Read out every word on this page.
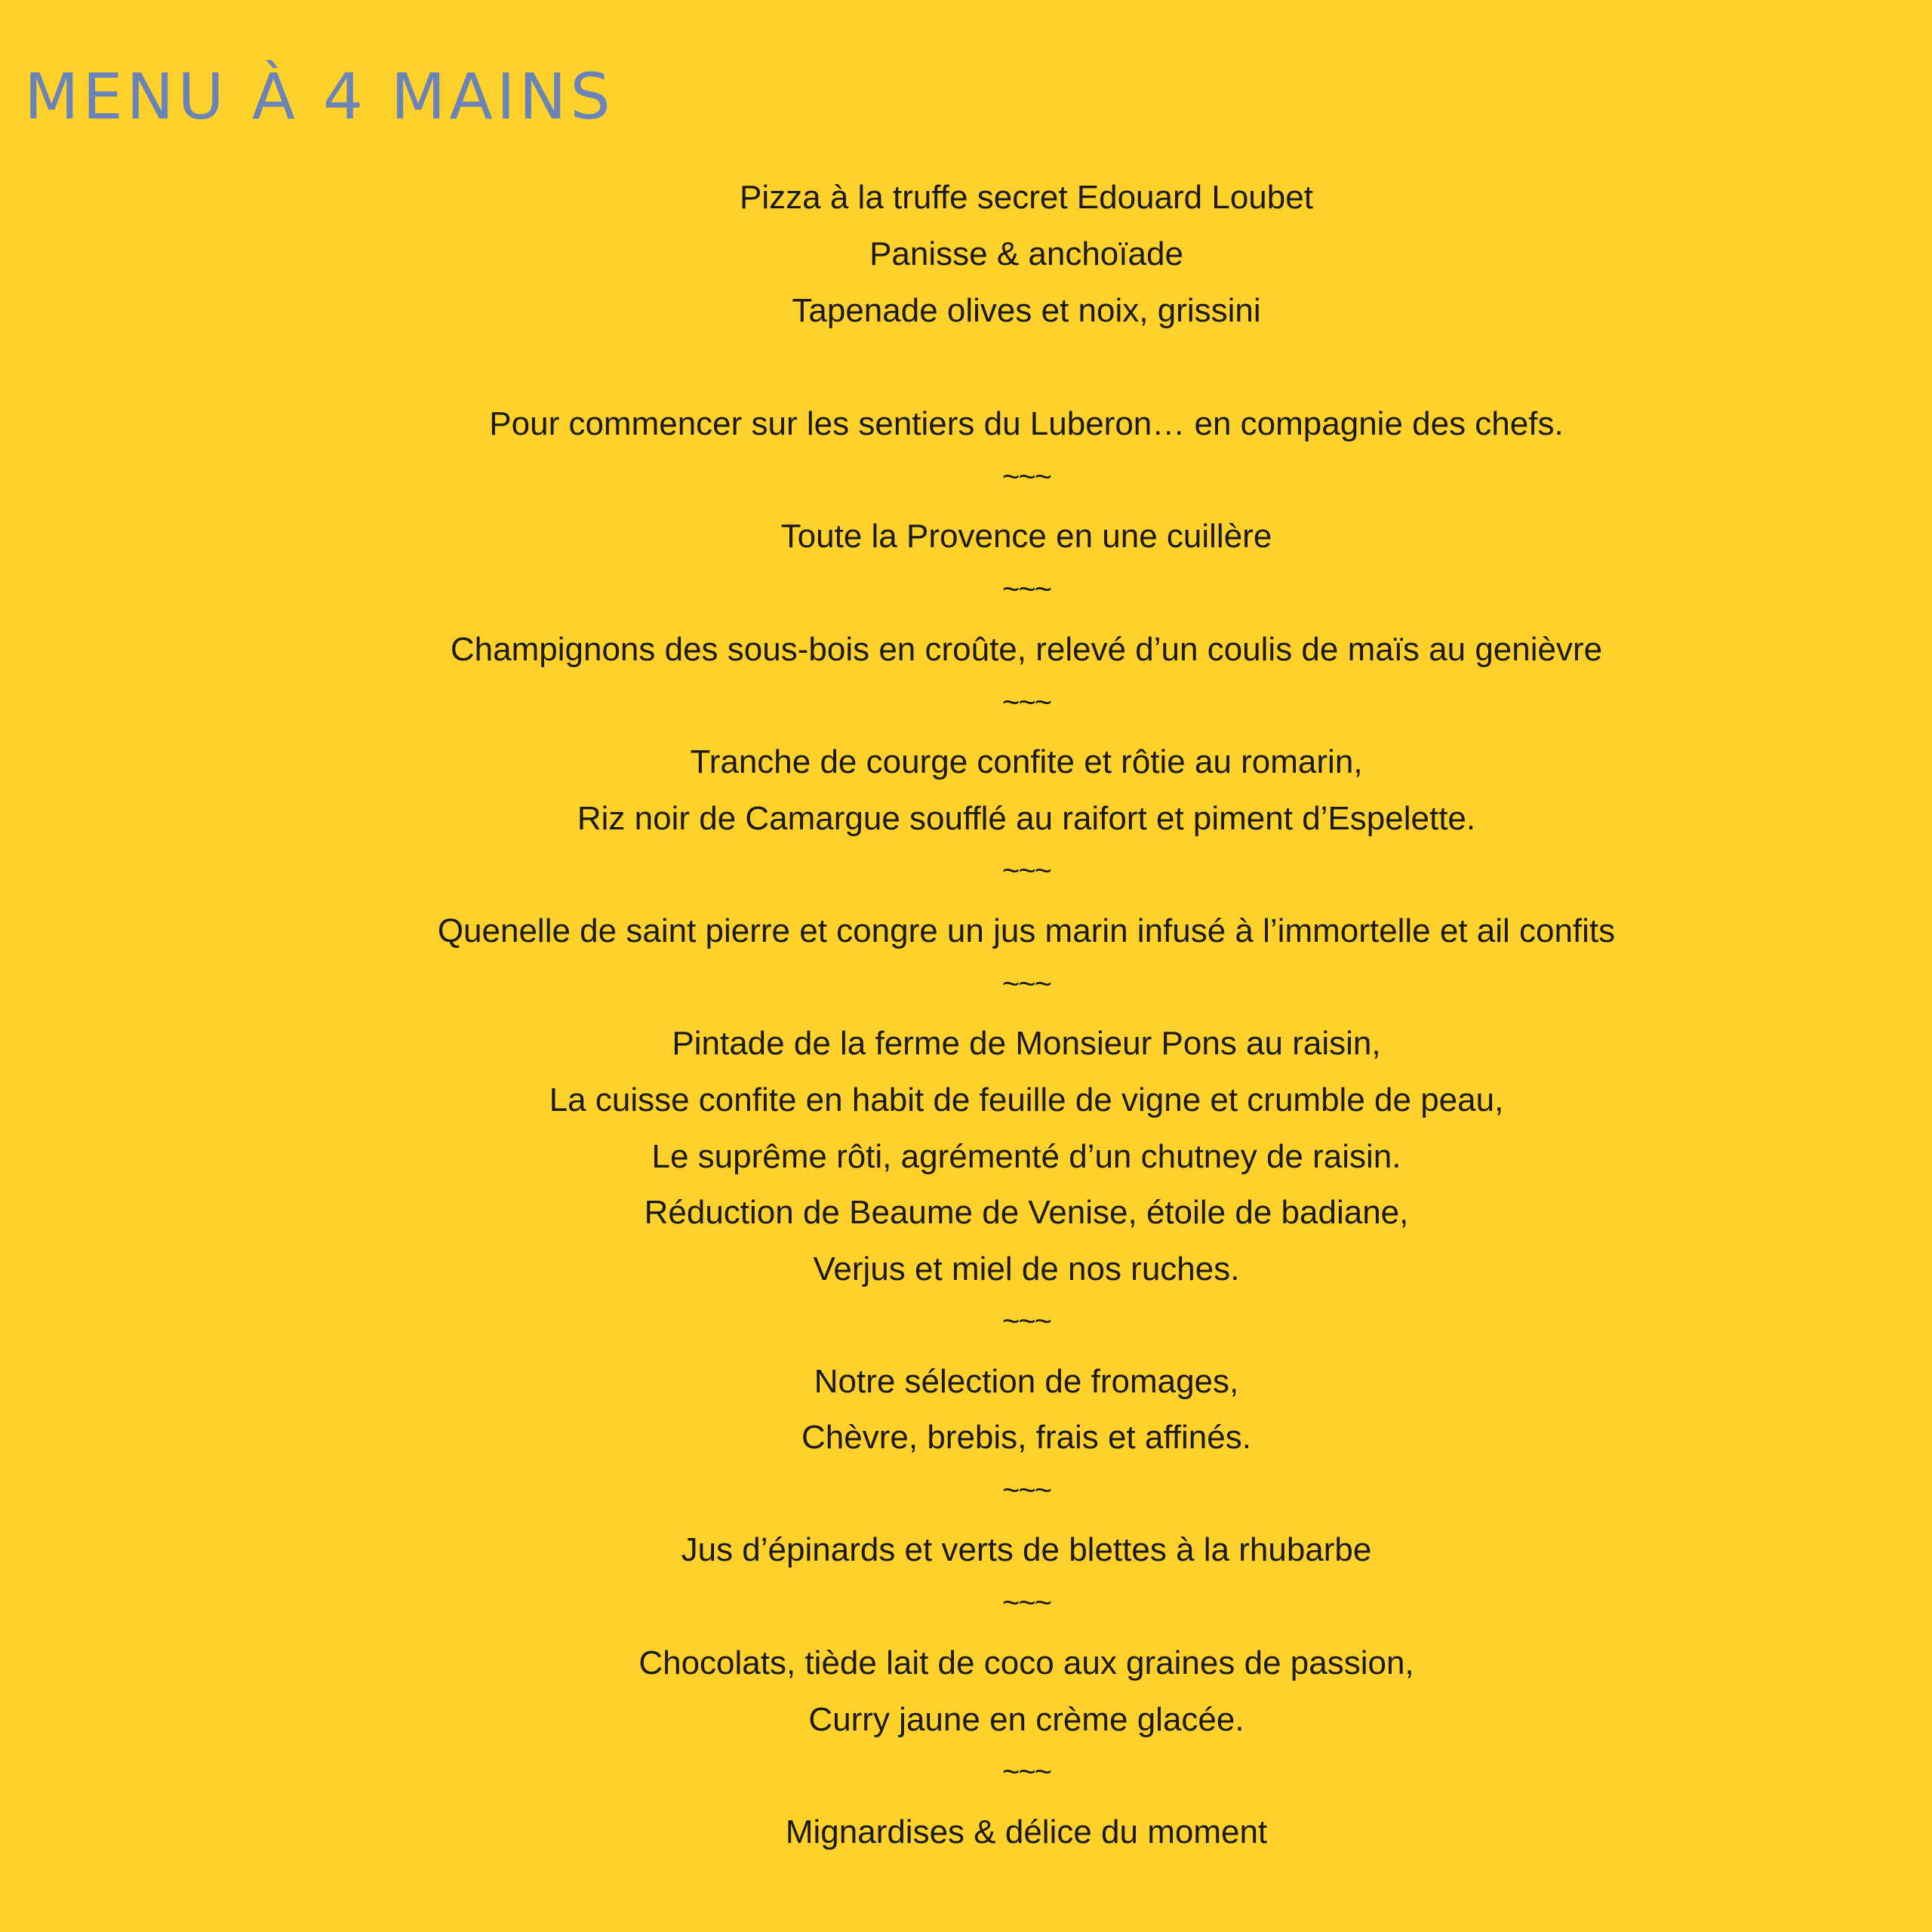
MENU À 4 MAINS
Pizza à la truffe secret Edouard Loubet
Panisse & anchoïade
Tapenade olives et noix, grissini
Pour commencer sur les sentiers du Luberon… en compagnie des chefs.
~~~
Toute la Provence en une cuillère
~~~
Champignons des sous-bois en croûte, relevé d’un coulis de maïs au genièvre
~~~
Tranche de courge confite et rôtie au romarin,
Riz noir de Camargue soufflé au raifort et piment d’Espelette.
~~~
Quenelle de saint pierre et congre un jus marin infusé à l’immortelle et ail confits
~~~
Pintade de la ferme de Monsieur Pons au raisin,
La cuisse confite en habit de feuille de vigne et crumble de peau,
Le suprême rôti, agrémenté d’un chutney de raisin.
Réduction de Beaume de Venise, étoile de badiane,
Verjus et miel de nos ruches.
~~~
Notre sélection de fromages,
Chèvre, brebis, frais et affinés.
~~~
Jus d’épinards et verts de blettes à la rhubarbe
~~~
Chocolats, tiède lait de coco aux graines de passion,
Curry jaune en crème glacée.
~~~
Mignardises & délice du moment
